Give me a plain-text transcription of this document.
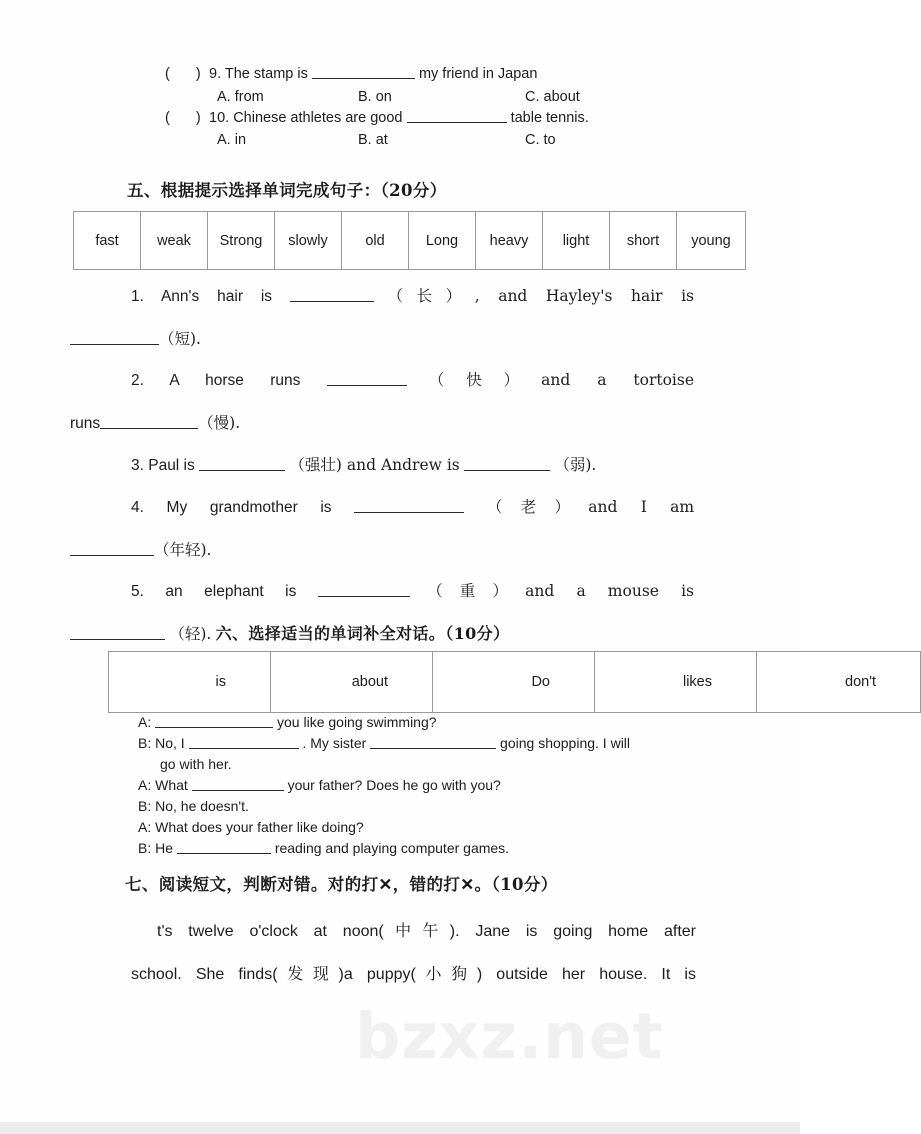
bzxz.net
( ) 9. The stamp is	my friend in Japan
A. from	B. on	C. about
( ) 10. Chinese athletes are good	table tennis.
A. in	B. at	C. to
五、根据提示选择单词完成句子：（20分）
fast	weak	Strong	slowly	old	Long	heavy	light	short	young
1. Ann's hair is	（长）, and Hayley's hair is
（短).
2. A horse runs	（快）and a tortoise
runs	（慢).
3. Paul is	（强壮) and Andrew is	（弱).
4. My grandmother is	（老）and I am
（年轻).
5. an elephant is	（重）and a mouse is
（轻). 六、选择适当的单词补全对话。（10分）
is	about	Do	likes	don't
A:	you like going swimming?
B: No, I	. My sister	going shopping. I will
go with her.
A: What	your father? Does he go with you?
B: No, he doesn't.
A: What does your father like doing?
B: He	reading and playing computer games.
七、阅读短文，判断对错。对的打✕，错的打✕。（10分）
t's twelve o'clock at noon(中午). Jane is going home after
school. She finds(发现)a puppy(小狗) outside her house. It is
